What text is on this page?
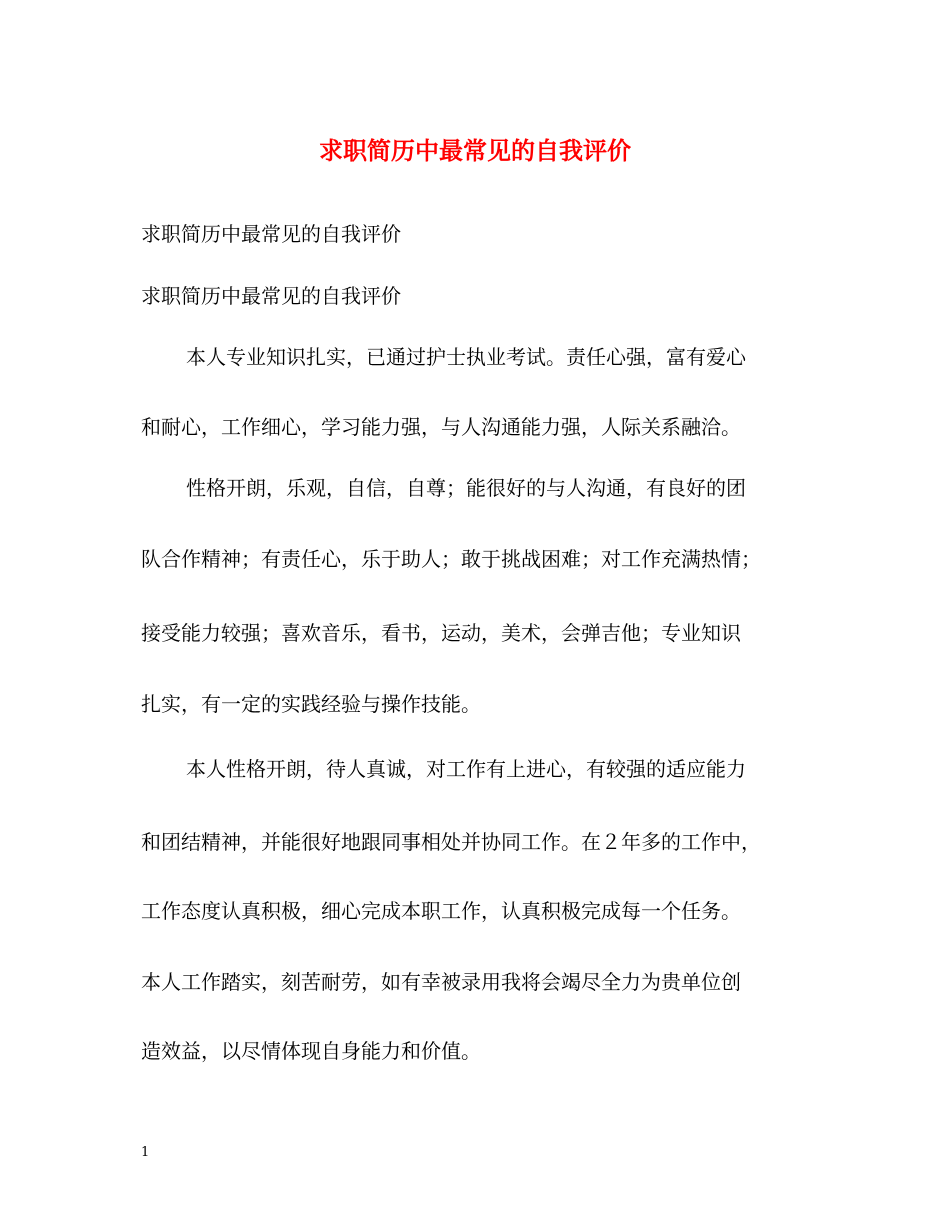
求职简历中最常见的自我评价

求职简历中最常见的自我评价

求职简历中最常见的自我评价

本人专业知识扎实，已通过护士执业考试。责任心强，富有爱心

和耐心，工作细心，学习能力强，与人沟通能力强，人际关系融洽。

性格开朗，乐观，自信，自尊；能很好的与人沟通，有良好的团

队合作精神；有责任心，乐于助人；敢于挑战困难；对工作充满热情；

接受能力较强；喜欢音乐，看书，运动，美术，会弹吉他；专业知识

扎实，有一定的实践经验与操作技能。

本人性格开朗，待人真诚，对工作有上进心，有较强的适应能力

和团结精神，并能很好地跟同事相处并协同工作。在２年多的工作中，

工作态度认真积极，细心完成本职工作，认真积极完成每一个任务。

本人工作踏实，刻苦耐劳，如有幸被录用我将会竭尽全力为贵单位创

造效益，以尽情体现自身能力和价值。

1
